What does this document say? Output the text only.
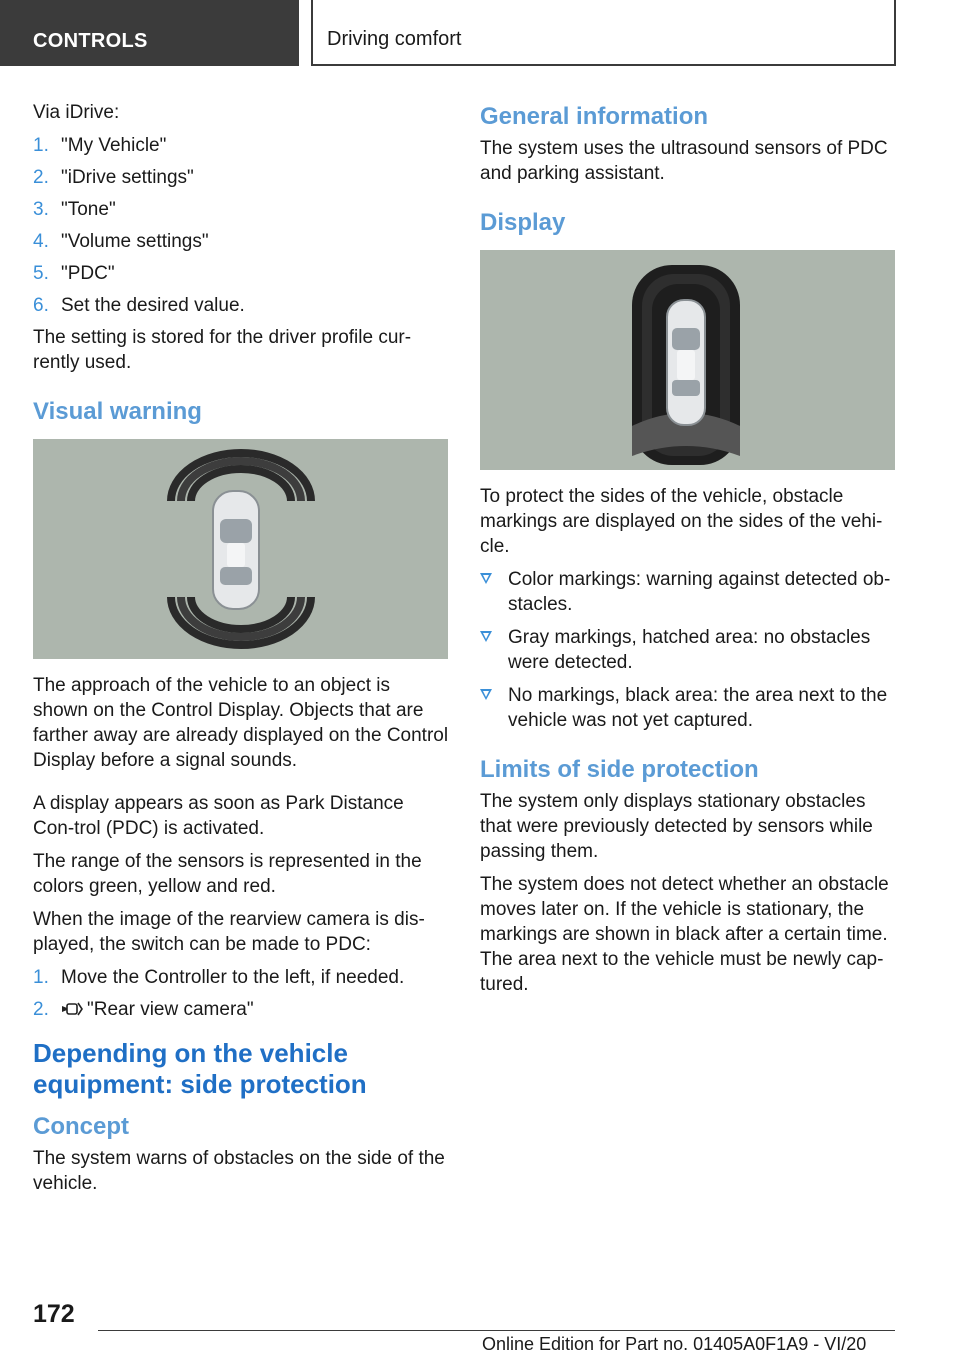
CONTROLS	Driving comfort

Via iDrive:

1. "My Vehicle"
2. "iDrive settings"
3. "Tone"
4. "Volume settings"
5. "PDC"
6. Set the desired value.

The setting is stored for the driver profile cur‐rently used.

Visual warning

The approach of the vehicle to an object is shown on the Control Display. Objects that are farther away are already displayed on the Control Display before a signal sounds.

A display appears as soon as Park Distance Con‐trol (PDC) is activated.

The range of the sensors is represented in the colors green, yellow and red.

When the image of the rearview camera is dis‐played, the switch can be made to PDC:

1. Move the Controller to the left, if needed.
2. "Rear view camera"
Depending on the vehicle equipment: side protection
Concept

The system warns of obstacles on the side of the vehicle.

General information

The system uses the ultrasound sensors of PDC and parking assistant.

Display

To protect the sides of the vehicle, obstacle markings are displayed on the sides of the vehi‐cle.

Color markings: warning against detected ob‐stacles.
Gray markings, hatched area: no obstacles were detected.
No markings, black area: the area next to the vehicle was not yet captured.
Limits of side protection

The system only displays stationary obstacles that were previously detected by sensors while passing them.

The system does not detect whether an obstacle moves later on. If the vehicle is stationary, the markings are shown in black after a certain time. The area next to the vehicle must be newly cap‐tured.

172
Online Edition for Part no. 01405A0F1A9 - VI/20
